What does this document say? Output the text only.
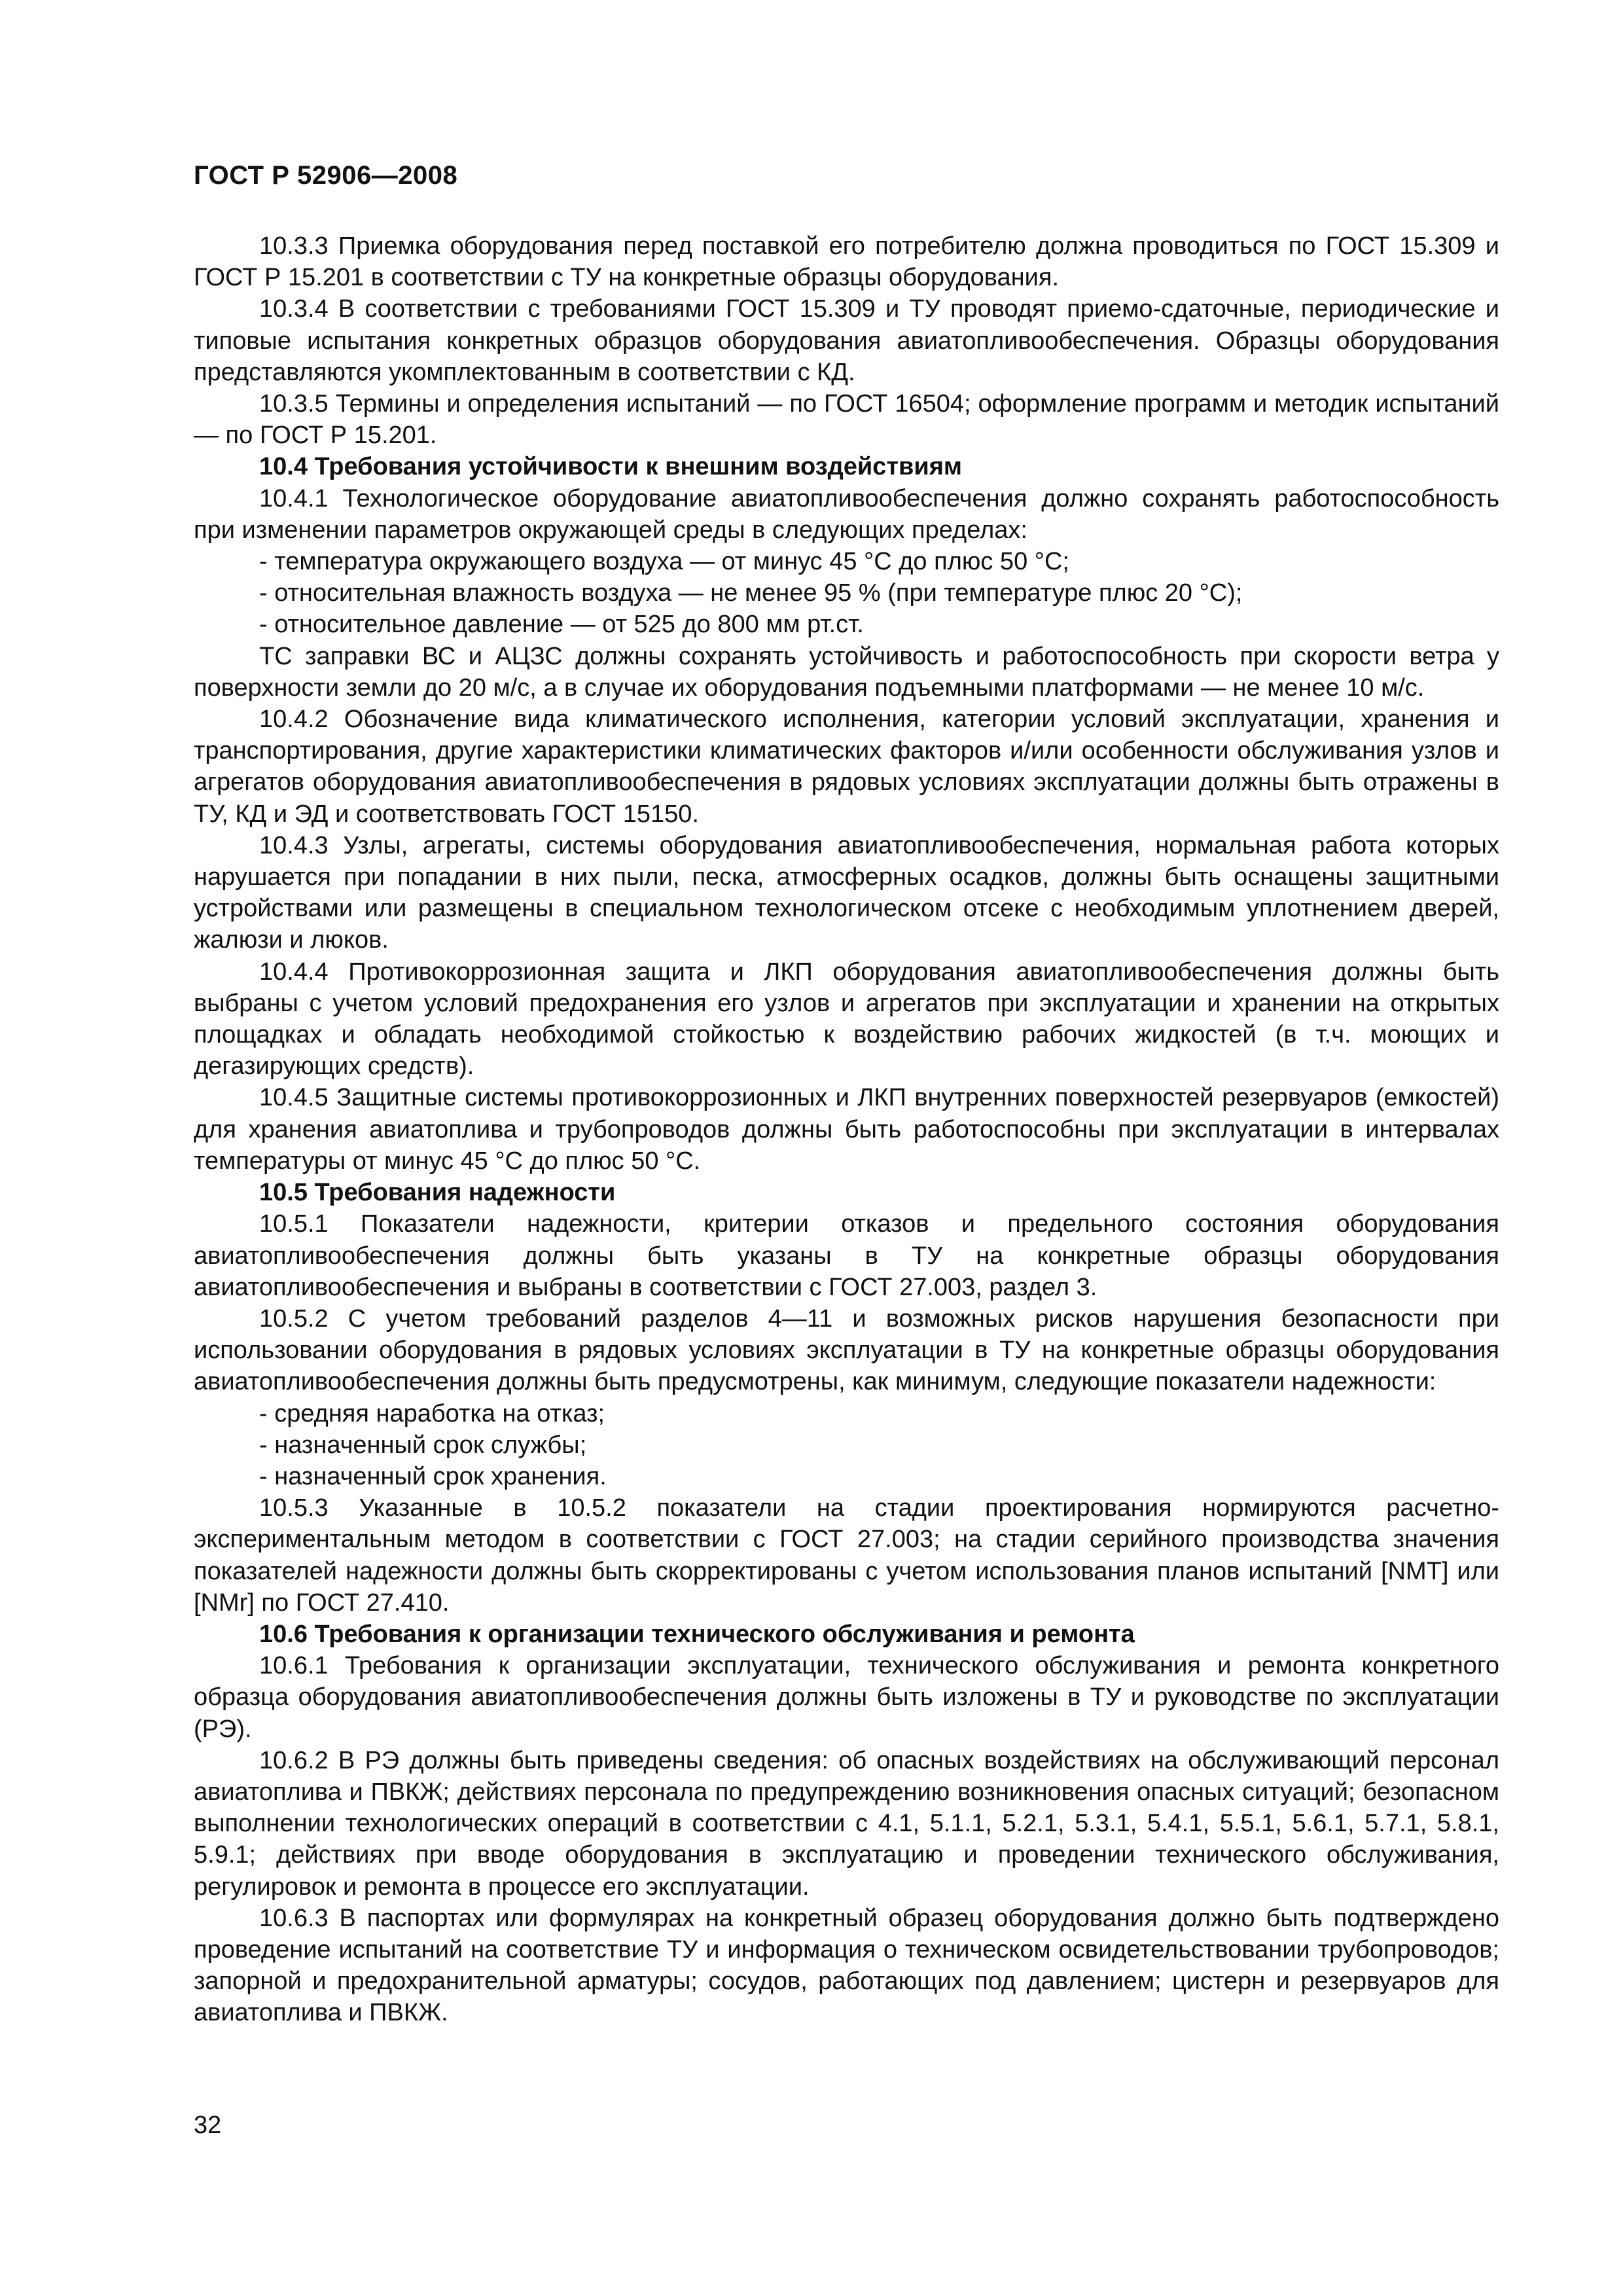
ГОСТ Р 52906—2008

10.3.3 Приемка оборудования перед поставкой его потребителю должна проводиться по ГОСТ 15.309 и ГОСТ Р 15.201 в соответствии с ТУ на конкретные образцы оборудования.

10.3.4 В соответствии с требованиями ГОСТ 15.309 и ТУ проводят приемо-сдаточные, периодические и типовые испытания конкретных образцов оборудования авиатопливообеспечения. Образцы оборудования представляются укомплектованным в соответствии с КД.

10.3.5 Термины и определения испытаний — по ГОСТ 16504; оформление программ и методик испытаний — по ГОСТ Р 15.201.

10.4 Требования устойчивости к внешним воздействиям

10.4.1 Технологическое оборудование авиатопливообеспечения должно сохранять работоспособность при изменении параметров окружающей среды в следующих пределах:

- температура окружающего воздуха — от минус 45 °С до плюс 50 °С;

- относительная влажность воздуха — не менее 95 % (при температуре плюс 20 °С);

- относительное давление — от 525 до 800 мм рт.ст.

ТС заправки ВС и АЦЗС должны сохранять устойчивость и работоспособность при скорости ветра у поверхности земли до 20 м/с, а в случае их оборудования подъемными платформами — не менее 10 м/с.

10.4.2 Обозначение вида климатического исполнения, категории условий эксплуатации, хранения и транспортирования, другие характеристики климатических факторов и/или особенности обслуживания узлов и агрегатов оборудования авиатопливообеспечения в рядовых условиях эксплуатации должны быть отражены в ТУ, КД и ЭД и соответствовать ГОСТ 15150.

10.4.3 Узлы, агрегаты, системы оборудования авиатопливообеспечения, нормальная работа которых нарушается при попадании в них пыли, песка, атмосферных осадков, должны быть оснащены защитными устройствами или размещены в специальном технологическом отсеке с необходимым уплотнением дверей, жалюзи и люков.

10.4.4 Противокоррозионная защита и ЛКП оборудования авиатопливообеспечения должны быть выбраны с учетом условий предохранения его узлов и агрегатов при эксплуатации и хранении на открытых площадках и обладать необходимой стойкостью к воздействию рабочих жидкостей (в т.ч. моющих и дегазирующих средств).

10.4.5 Защитные системы противокоррозионных и ЛКП внутренних поверхностей резервуаров (емкостей) для хранения авиатоплива и трубопроводов должны быть работоспособны при эксплуатации в интервалах температуры от минус 45 °С до плюс 50 °С.

10.5 Требования надежности

10.5.1 Показатели надежности, критерии отказов и предельного состояния оборудования авиатопливообеспечения должны быть указаны в ТУ на конкретные образцы оборудования авиатопливообеспечения и выбраны в соответствии с ГОСТ 27.003, раздел 3.

10.5.2 С учетом требований разделов 4—11 и возможных рисков нарушения безопасности при использовании оборудования в рядовых условиях эксплуатации в ТУ на конкретные образцы оборудования авиатопливообеспечения должны быть предусмотрены, как минимум, следующие показатели надежности:

- средняя наработка на отказ;

- назначенный срок службы;

- назначенный срок хранения.

10.5.3 Указанные в 10.5.2 показатели на стадии проектирования нормируются расчетно-экспериментальным методом в соответствии с ГОСТ 27.003; на стадии серийного производства значения показателей надежности должны быть скорректированы с учетом использования планов испытаний [NMT] или [NMr] по ГОСТ 27.410.

10.6 Требования к организации технического обслуживания и ремонта

10.6.1 Требования к организации эксплуатации, технического обслуживания и ремонта конкретного образца оборудования авиатопливообеспечения должны быть изложены в ТУ и руководстве по эксплуатации (РЭ).

10.6.2 В РЭ должны быть приведены сведения: об опасных воздействиях на обслуживающий персонал авиатоплива и ПВКЖ; действиях персонала по предупреждению возникновения опасных ситуаций; безопасном выполнении технологических операций в соответствии с 4.1, 5.1.1, 5.2.1, 5.3.1, 5.4.1, 5.5.1, 5.6.1, 5.7.1, 5.8.1, 5.9.1; действиях при вводе оборудования в эксплуатацию и проведении технического обслуживания, регулировок и ремонта в процессе его эксплуатации.

10.6.3 В паспортах или формулярах на конкретный образец оборудования должно быть подтверждено проведение испытаний на соответствие ТУ и информация о техническом освидетельствовании трубопроводов; запорной и предохранительной арматуры; сосудов, работающих под давлением; цистерн и резервуаров для авиатоплива и ПВКЖ.

32
